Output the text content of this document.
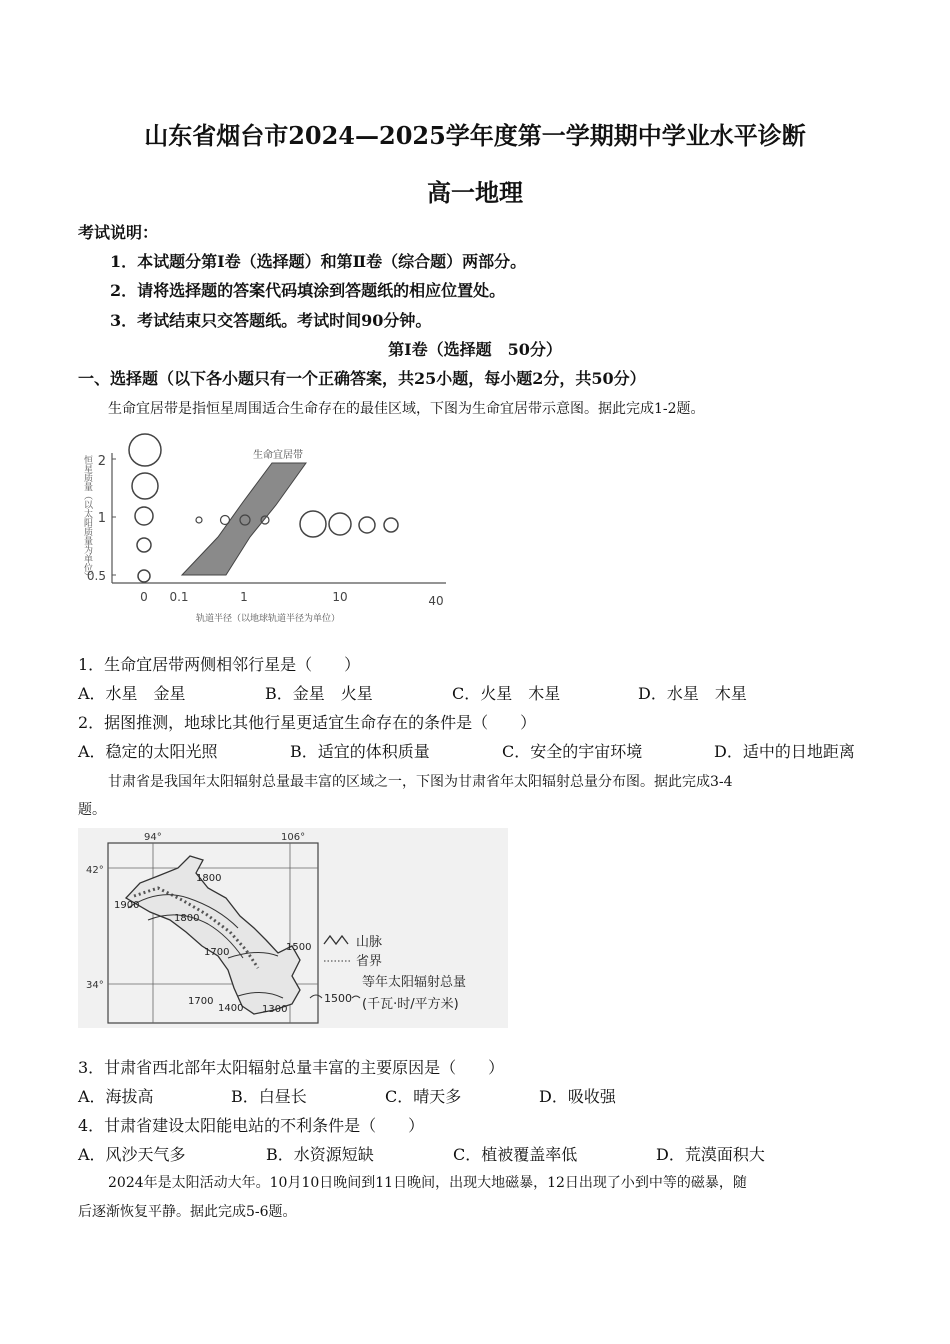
山东省烟台市2024—2025学年度第一学期期中学业水平诊断
高一地理
考试说明：
1．本试题分第Ⅰ卷（选择题）和第Ⅱ卷（综合题）两部分。
2．请将选择题的答案代码填涂到答题纸的相应位置处。
3．考试结束只交答题纸。考试时间90分钟。
第Ⅰ卷（选择题　50分）
一、选择题（以下各小题只有一个正确答案，共25小题，每小题2分，共50分）
生命宜居带是指恒星周围适合生命存在的最佳区域，下图为生命宜居带示意图。据此完成1-2题。
2
1
0.5
恒星质量（以太阳质量为单位）
0 0.1	1	10	40
轨道半径（以地球轨道半径为单位）
生命宜居带
1．生命宜居带两侧相邻行星是（　　）
A．水星　金星	B．金星　火星	C．火星　木星	D．水星　木星
2．据图推测，地球比其他行星更适宜生命存在的条件是（　　）
A．稳定的太阳光照	B．适宜的体积质量	C．安全的宇宙环境	D．适中的日地距离
甘肃省是我国年太阳辐射总量最丰富的区域之一，下图为甘肃省年太阳辐射总量分布图。据此完成3-4
题。
94°	106°
42°
34°
1800
1900
1800
1700	1500
1700
1400 1300
山脉
省界
1500
等年太阳辐射总量
(千瓦·时/平方米)
3．甘肃省西北部年太阳辐射总量丰富的主要原因是（　　）
A．海拔高	B．白昼长	C．晴天多	D．吸收强
4．甘肃省建设太阳能电站的不利条件是（　　）
A．风沙天气多	B．水资源短缺	C．植被覆盖率低	D．荒漠面积大
2024年是太阳活动大年。10月10日晚间到11日晚间，出现大地磁暴，12日出现了小到中等的磁暴，随
后逐渐恢复平静。据此完成5-6题。
